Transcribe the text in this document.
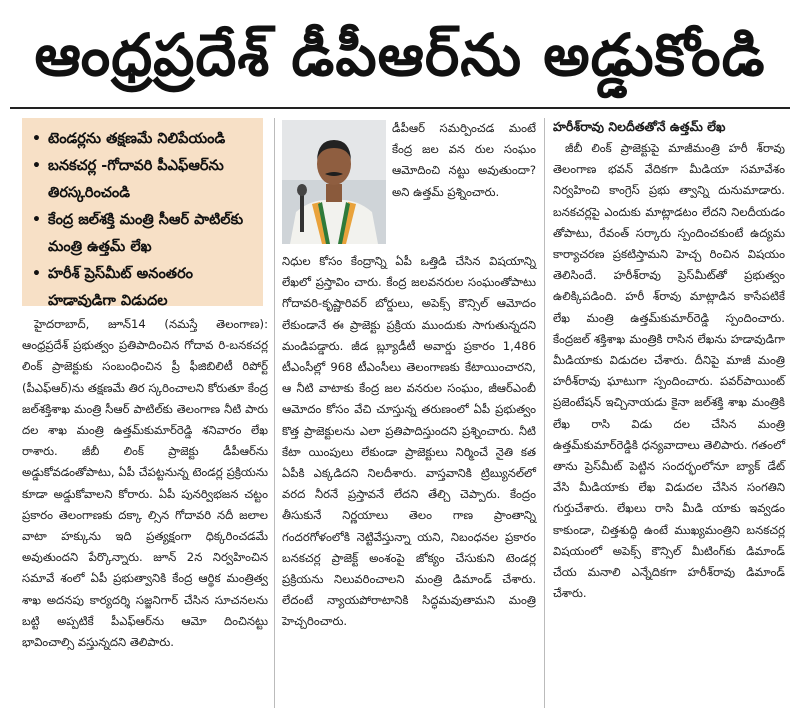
ఆంధ్రప్రదేశ్ డీపీఆర్‌ను అడ్డుకోండి
• టెండర్లను తక్షణమే నిలిపేయండి
• బనకచర్ల -గోదావరి పీఎఫ్‌ఆర్‌ను తిరస్కరించండి
• కేంద్ర జల్‌శక్తి మంత్రి సీఆర్ పాటిల్‌కు మంత్రి ఉత్తమ్ లేఖ
• హరీశ్ ప్రెస్‌మీట్ అనంతరం హడావుడిగా విడుదల

హైదరాబాద్, జూన్14 (నమస్తే తెలంగాణ): ఆంధ్రప్రదేశ్ ప్రభుత్వం ప్రతిపాదించిన గోదావ రి-బనకచర్ల లింక్ ప్రాజెక్టుకు సంబంధించిన ప్రీ ఫీజిబిలిటీ రిపోర్ట్ (పీఎఫ్‌ఆర్)ను తక్షణమే తిర స్కరించాలని కోరుతూ కేంద్ర జల్‌శక్తిశాఖ మంత్రి సీఆర్ పాటిల్‌కు తెలంగాణ నీటి పారు దల శాఖ మంత్రి ఉత్తమ్‌కుమార్‌రెడ్డి శనివారం లేఖ రాశారు. జీబీ లింక్ ప్రాజెక్టు డీపీఆర్‌ను అడ్డుకోవడంతోపాటు, ఏపీ చేపట్టనున్న టెండర్ల ప్రక్రియను కూడా అడ్డుకోవాలని కోరారు. ఏపీ పునర్విభజన చట్టం ప్రకారం తెలంగాణకు దక్కా ల్సిన గోదావరి నదీ జలాల వాటా హక్కును ఇది ప్రత్యక్షంగా ధిక్కరించడమే అవుతుందని పేర్కొన్నారు. జూన్ 2న నిర్వహించిన సమావే శంలో ఏపీ ప్రభుత్వానికి కేంద్ర ఆర్థిక మంత్రిత్వ శాఖ అదనపు కార్యదర్శి సజ్జనిగార్ చేసిన సూచనలను బట్టి అప్పటికే పీఎఫ్‌ఆర్‌ను ఆమో దించినట్టు భావించాల్సి వస్తున్నదని తెలిపారు.

డీపీఆర్ సమర్పించడ మంటే కేంద్ర జల వన రుల సంఘం ఆమోదించి నట్టు అవుతుందా? అని ఉత్తమ్ ప్రశ్నించారు.

నిధుల కోసం కేంద్రాన్ని ఏపీ ఒత్తిడి చేసిన విషయాన్ని లేఖలో ప్రస్తావిం చారు. కేంద్ర జలవనరుల సంఘంతోపాటు గోదావరి-కృష్ణారివర్ బోర్డులు, అపెక్స్ కౌన్సిల్ ఆమోదం లేకుండానే ఈ ప్రాజెక్టు ప్రక్రియ ముందుకు సాగుతున్నదని మండిపడ్డారు. జీడ బ్ల్యూడీటీ అవార్డు ప్రకారం 1,486 టీఎంసీల్లో 968 టీఎంసీలు తెలంగాణకు కేటాయించారని, ఆ నీటి వాటాకు కేంద్ర జల వనరుల సంఘం, జీఆర్ఎంబీ ఆమోదం కోసం వేచి చూస్తున్న తరుణంలో ఏపీ ప్రభుత్వం కొత్త ప్రాజెక్టులను ఎలా ప్రతిపాదిస్తుందని ప్రశ్నించారు. నీటి కేటా యింపులు లేకుండా ప్రాజెక్టులు నిర్మించే నైతి కత ఏపీకి ఎక్కడిదని నిలదీశారు. వాస్తవానికి ట్రిబ్యునల్‌లో వరద నీరనే ప్రస్తావనే లేదని తేల్చి చెప్పారు. కేంద్రం తీసుకునే నిర్ణయాలు తెలం గాణ ప్రాంతాన్ని గందరగోళంలోకి నెట్టివేస్తున్నా యని, నిబంధనల ప్రకారం బనకచర్ల ప్రాజెక్ట్ అంశంపై జోక్యం చేసుకుని టెండర్ల ప్రక్రియను నిలువరించాలని మంత్రి డిమాండ్ చేశారు. లేదంటే న్యాయపోరాటానికి సిద్ధమవుతామని మంత్రి హెచ్చరించారు.

హరీశ్‌రావు నిలదీతతోనే ఉత్తమ్ లేఖ

జీబీ లింక్ ప్రాజెక్టుపై మాజీమంత్రి హరీ శ్‌రావు తెలంగాణ భవన్ వేదికగా మీడియా సమావేశం నిర్వహించి కాంగ్రెస్ ప్రభు త్వాన్ని దునుమాడారు. బనకచర్లపై ఎందుకు మాట్లాడటం లేదని నిలదీయడం తోపాటు, రేవంత్ సర్కారు స్పందించకుంటే ఉద్యమ కార్యాచరణ ప్రకటిస్తామని హెచ్చ రించిన విషయం తెలిసిందే. హరీశ్‌రావు ప్రెస్‌మీట్‌తో ప్రభుత్వం ఉలిక్కిపడింది. హరీ శ్‌రావు మాట్లాడిన కాసేపటికే లేఖ మంత్రి ఉత్తమ్‌కుమార్‌రెడ్డి స్పందించారు. కేంద్రజల్ శక్తిశాఖ మంత్రికి రాసిన లేఖను హడావుడిగా మీడియాకు విడుదల చేశారు. దీనిపై మాజీ మంత్రి హరీశ్‌రావు ఘాటుగా స్పందించారు. పవర్‌పాయింట్ ప్రజెంటేషన్ ఇచ్చినాయడు కైనా జల్‌శక్తి శాఖ మంత్రికి లేఖ రాసి విడు దల చేసిన మంత్రి ఉత్తమ్‌కుమార్‌రెడ్డికి ధన్యవాదాలు తెలిపారు. గతంలో తాను ప్రెస్‌మీట్ పెట్టిన సందర్భంలోనూ బ్యాక్ డేట్ వేసి మీడియాకు లేఖ విడుదల చేసిన సంగతిని గుర్తుచేశారు. లేఖలు రాసి మీడి యాకు ఇవ్వడం కాకుండా, చిత్తశుద్ధి ఉంటే ముఖ్యమంత్రిని బనకచర్ల విషయంలో అపెక్స్ కౌన్సిల్ మీటింగ్‌కు డిమాండ్ చేయ మనాలి ఎన్నేదికగా హరీశ్‌రావు డిమాండ్ చేశారు.
